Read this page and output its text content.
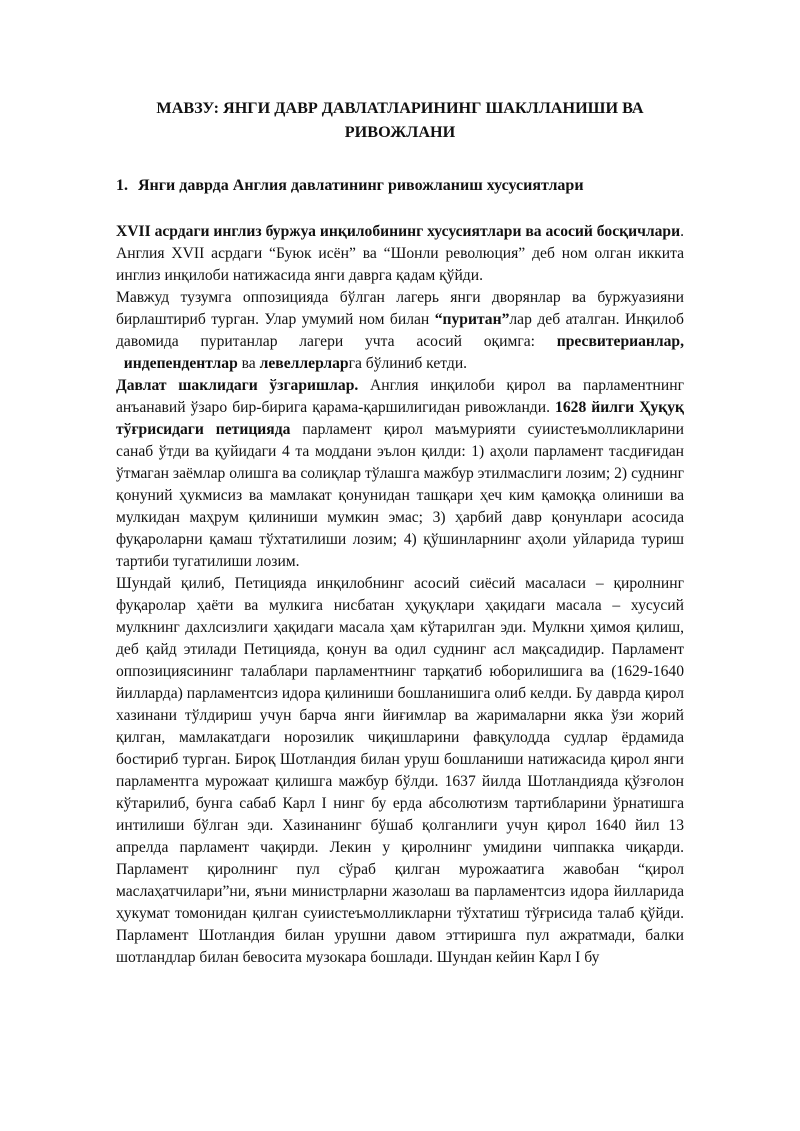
МАВЗУ: ЯНГИ ДАВР ДАВЛАТЛАРИНИНГ ШАКЛЛАНИШИ ВА РИВОЖЛАНИ
1. Янги даврда Англия давлатининг ривожланиш хусусиятлари

XVII асрдаги инглиз буржуа инқилобининг хусусиятлари ва асосий босқичлари. Англия XVII асрдаги “Буюк исён” ва “Шонли революция” деб ном олган иккита инглиз инқилоби натижасида янги даврга қадам қўйди.

Мавжуд тузумга оппозицияда бўлган лагерь янги дворянлар ва буржуазияни бирлаштириб турган. Улар умумий ном билан “пуритан”лар деб аталган. Инқилоб давомида пуританлар лагери учта асосий оқимга: пресвитерианлар,  индепендентлар ва левеллерларга бўлиниб кетди.

Давлат шаклидаги ўзгаришлар. Англия инқилоби қирол ва парламентнинг анъанавий ўзаро бир-бирига қарама-қаршилигидан ривожланди. 1628 йилги Ҳуқуқ тўғрисидаги петицияда парламент қирол маъмурияти суиистеъмолликларини санаб ўтди ва қуйидаги 4 та моддани эълон қилди: 1) аҳоли парламент тасдиғидан ўтмаган заёмлар олишга ва солиқлар тўлашга мажбур этилмаслиги лозим; 2) суднинг қонуний ҳукмисиз ва мамлакат қонунидан ташқари ҳеч ким қамоққа олиниши ва мулкидан маҳрум қилиниши мумкин эмас; 3) ҳарбий давр қонунлари асосида фуқароларни қамаш тўхтатилиши лозим; 4) қўшинларнинг аҳоли уйларида туриш тартиби тугатилиши лозим.

Шундай қилиб, Петицияда инқилобнинг асосий сиёсий масаласи – қиролнинг фуқаролар ҳаёти ва мулкига нисбатан ҳуқуқлари ҳақидаги масала – хусусий мулкнинг дахлсизлиги ҳақидаги масала ҳам кўтарилган эди. Мулкни ҳимоя қилиш, деб қайд этилади Петицияда, қонун ва одил суднинг асл мақсадидир. Парламент оппозициясининг талаблари парламентнинг тарқатиб юборилишига ва (1629-1640 йилларда) парламентсиз идора қилиниши бошланишига олиб келди. Бу даврда қирол хазинани тўлдириш учун барча янги йиғимлар ва жарималарни якка ўзи жорий қилган, мамлакатдаги норозилик чиқишларини фавқулодда судлар ёрдамида бостириб турган. Бироқ Шотландия билан уруш бошланиши натижасида қирол янги парламентга мурожаат қилишга мажбур бўлди. 1637 йилда Шотландияда қўзғолон кўтарилиб, бунга сабаб Карл I нинг бу ерда абсолютизм тартибларини ўрнатишга интилиши бўлган эди. Хазинанинг бўшаб қолганлиги учун қирол 1640 йил 13 апрелда парламент чақирди. Лекин у қиролнинг умидини чиппакка чиқарди. Парламент қиролнинг пул сўраб қилган мурожаатига жавобан “қирол маслаҳатчилари”ни, яъни министрларни жазолаш ва парламентсиз идора йилларида ҳукумат томонидан қилган суиистеъмолликларни тўхтатиш тўғрисида талаб қўйди. Парламент Шотландия билан урушни давом эттиришга пул ажратмади, балки шотландлар билан бевосита музокара бошлади. Шундан кейин Карл I бу
